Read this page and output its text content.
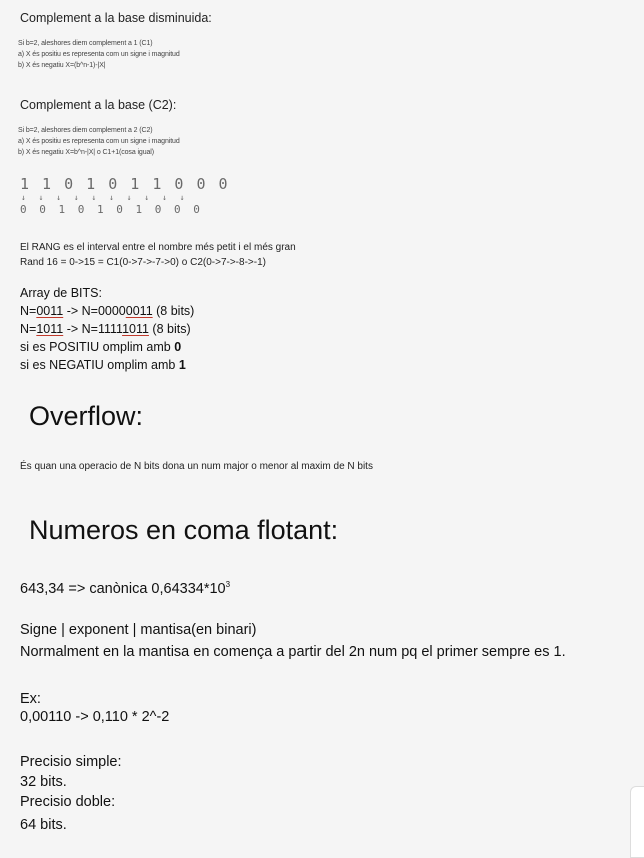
Complement a la base disminuida:
Si b=2, aleshores diem complement a 1 (C1)
a) X és positiu es representa com un signe i magnitud
b) X és negatiu X=(b^n-1)-|X|
Complement a la base (C2):
Si b=2, aleshores diem complement a 2 (C2)
a) X és positiu es representa com un signe i magnitud
b) X és negatiu X=b^n-|X| o C1+1(cosa igual)
1 1 0 1 0 1 1 0 0 0
↓ ↓ ↓ ↓ ↓ ↓ ↓ ↓ ↓ ↓
0 0 1 0 1 0 1 0 0 0
El RANG es el interval entre el nombre més petit i el més gran
Rand 16 = 0->15 = C1(0->7->-7->0) o C2(0->7->-8->-1)
Array de BITS:
N=0011 -> N=00000011 (8 bits)
N=1011 -> N=11111011 (8 bits)
si es POSITIU omplim amb 0
si es NEGATIU omplim amb 1
Overflow:
És quan una operacio de N bits dona un num major o menor al maxim de N bits
Numeros en coma flotant:
643,34 => canònica $0,64334*10^3$
Signe | exponent | mantisa(en binari)
Normalment en la mantisa en comença a partir del 2n num pq el primer sempre es 1.
Ex:
0,00110 -> 0,110 * 2^-2
Precisio simple:
32 bits.
Precisio doble:
64 bits.
